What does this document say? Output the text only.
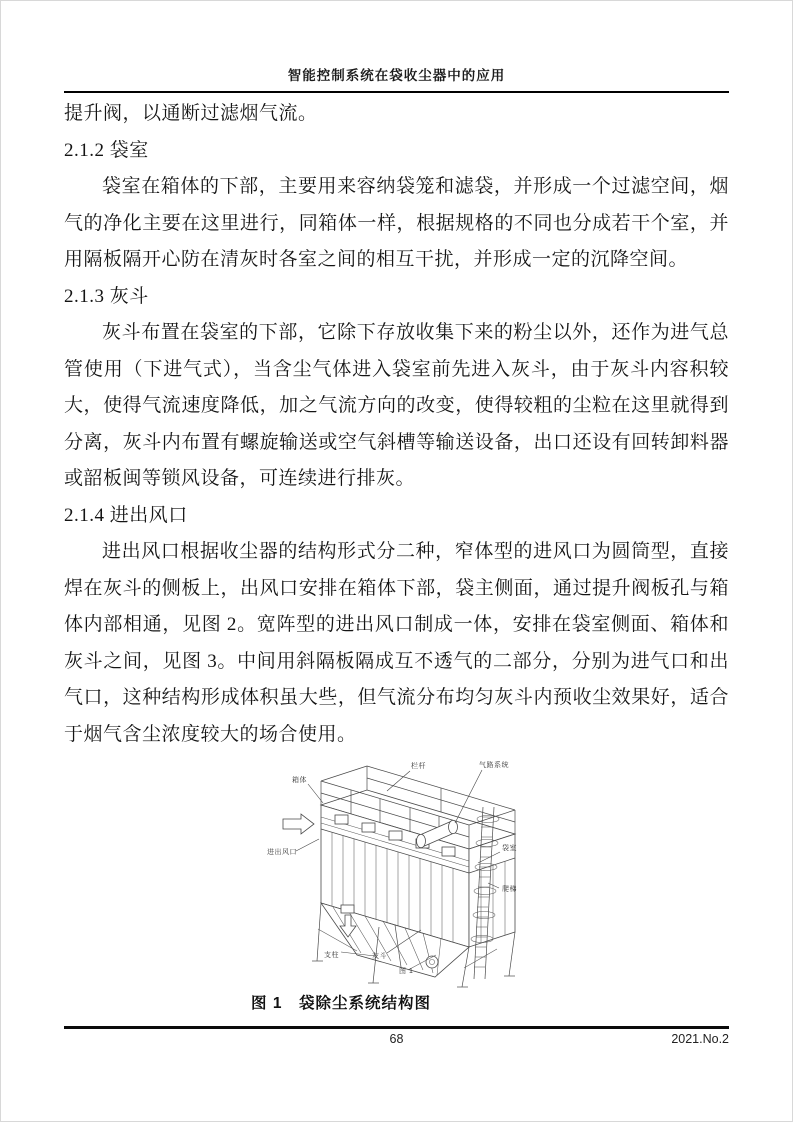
智能控制系统在袋收尘器中的应用

提升阀，以通断过滤烟气流。

2.1.2 袋室

袋室在箱体的下部，主要用来容纳袋笼和滤袋，并形成一个过滤空间，烟气的净化主要在这里进行，同箱体一样，根据规格的不同也分成若干个室，并用隔板隔开心防在清灰时各室之间的相互干扰，并形成一定的沉降空间。

2.1.3 灰斗

灰斗布置在袋室的下部，它除下存放收集下来的粉尘以外，还作为进气总管使用（下进气式），当含尘气体进入袋室前先进入灰斗，由于灰斗内容积较大，使得气流速度降低，加之气流方向的改变，使得较粗的尘粒在这里就得到分离，灰斗内布置有螺旋输送或空气斜槽等输送设备，出口还设有回转卸料器或韶板闽等锁风设备，可连续进行排灰。

2.1.4 进出风口

进出风口根据收尘器的结构形式分二种，窄体型的进风口为圆筒型，直接焊在灰斗的侧板上，出风口安排在箱体下部，袋主侧面，通过提升阀板孔与箱体内部相通，见图 2。宽阵型的进出风口制成一体，安排在袋室侧面、箱体和灰斗之间，见图 3。中间用斜隔板隔成互不透气的二部分，分别为进气口和出气口，这种结构形成体积虽大些，但气流分布均匀灰斗内预收尘效果好，适合于烟气含尘浓度较大的场合使用。

箱体
栏杆	气路系统
进出风口
袋室
爬梯
支柱	灰斗
图 1
图 1　袋除尘系统结构图
68	2021.No.2
